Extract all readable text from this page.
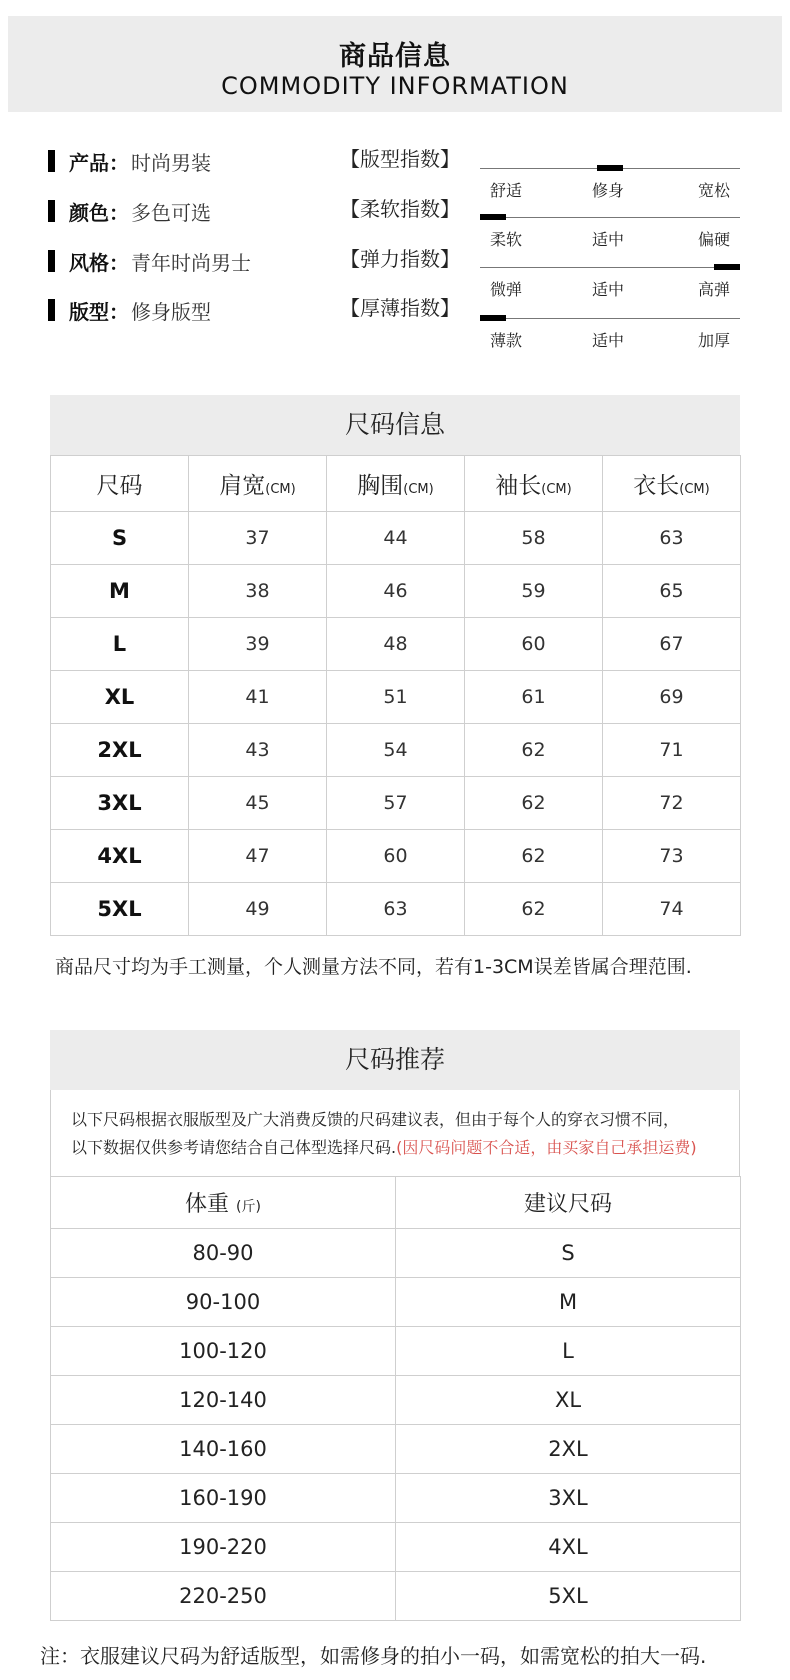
商品信息
COMMODITY INFORMATION
产品： 时尚男装	【版型指数】
舒适	修身	宽松
颜色： 多色可选	【柔软指数】
柔软	适中	偏硬
风格： 青年时尚男士	【弹力指数】
微弹	适中	高弹
版型： 修身版型	【厚薄指数】
薄款	适中	加厚
尺码信息
尺码	肩宽(CM)	胸围(CM)	袖长(CM)	衣长(CM)
S	37	44	58	63
M	38	46	59	65
L	39	48	60	67
XL	41	51	61	69
2XL	43	54	62	71
3XL	45	57	62	72
4XL	47	60	62	73
5XL	49	63	62	74
商品尺寸均为手工测量，个人测量方法不同，若有1-3CM误差皆属合理范围.
尺码推荐
以下尺码根据衣服版型及广大消费反馈的尺码建议表，但由于每个人的穿衣习惯不同，
以下数据仅供参考请您结合自己体型选择尺码.(因尺码问题不合适，由买家自己承担运费)
体重 (斤)	建议尺码
80-90	S
90-100	M
100-120	L
120-140	XL
140-160	2XL
160-190	3XL
190-220	4XL
220-250	5XL
注：衣服建议尺码为舒适版型，如需修身的拍小一码，如需宽松的拍大一码.
